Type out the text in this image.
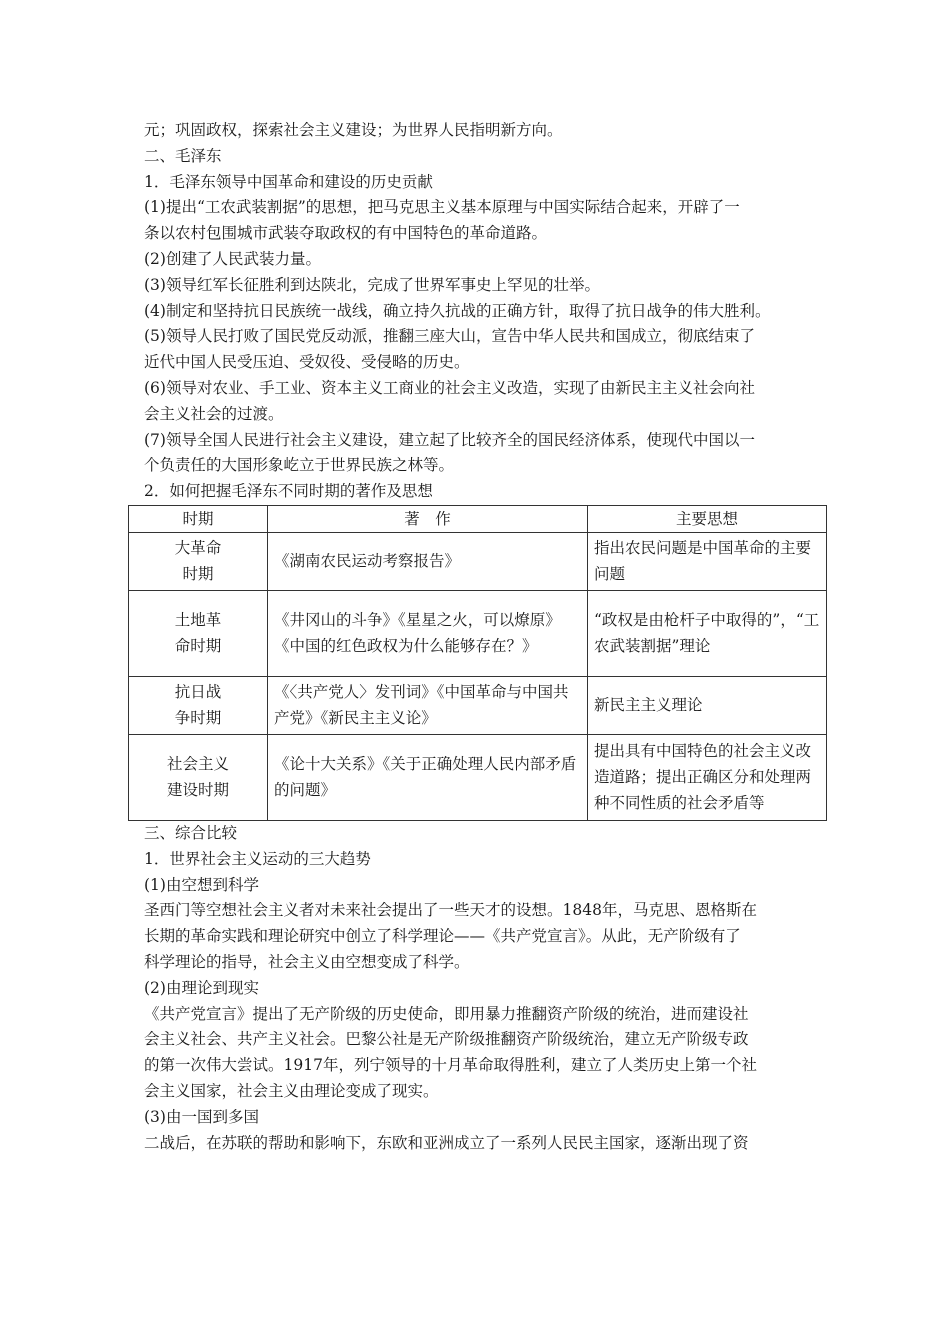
元；巩固政权，探索社会主义建设；为世界人民指明新方向。
二、毛泽东
1．毛泽东领导中国革命和建设的历史贡献
(1)提出“工农武装割据”的思想，把马克思主义基本原理与中国实际结合起来，开辟了一
条以农村包围城市武装夺取政权的有中国特色的革命道路。
(2)创建了人民武装力量。
(3)领导红军长征胜利到达陕北，完成了世界军事史上罕见的壮举。
(4)制定和坚持抗日民族统一战线，确立持久抗战的正确方针，取得了抗日战争的伟大胜利。
(5)领导人民打败了国民党反动派，推翻三座大山，宣告中华人民共和国成立，彻底结束了
近代中国人民受压迫、受奴役、受侵略的历史。
(6)领导对农业、手工业、资本主义工商业的社会主义改造，实现了由新民主主义社会向社
会主义社会的过渡。
(7)领导全国人民进行社会主义建设，建立起了比较齐全的国民经济体系，使现代中国以一
个负责任的大国形象屹立于世界民族之林等。
2．如何把握毛泽东不同时期的著作及思想
时期	著　作	主要思想
大革命
时期	《湖南农民运动考察报告》	指出农民问题是中国革命的主要问题
土地革
命时期	《井冈山的斗争》《星星之火，可以燎原》《中国的红色政权为什么能够存在？》	“政权是由枪杆子中取得的”，“工农武装割据”理论
抗日战
争时期	《〈共产党人〉发刊词》《中国革命与中国共产党》《新民主主义论》	新民主主义理论
社会主义
建设时期	《论十大关系》《关于正确处理人民内部矛盾的问题》	提出具有中国特色的社会主义改造道路；提出正确区分和处理两种不同性质的社会矛盾等
三、综合比较
1．世界社会主义运动的三大趋势
(1)由空想到科学
圣西门等空想社会主义者对未来社会提出了一些天才的设想。1848年，马克思、恩格斯在
长期的革命实践和理论研究中创立了科学理论——《共产党宣言》。从此，无产阶级有了
科学理论的指导，社会主义由空想变成了科学。
(2)由理论到现实
《共产党宣言》提出了无产阶级的历史使命，即用暴力推翻资产阶级的统治，进而建设社
会主义社会、共产主义社会。巴黎公社是无产阶级推翻资产阶级统治，建立无产阶级专政
的第一次伟大尝试。1917年，列宁领导的十月革命取得胜利，建立了人类历史上第一个社
会主义国家，社会主义由理论变成了现实。
(3)由一国到多国
二战后，在苏联的帮助和影响下，东欧和亚洲成立了一系列人民民主国家，逐渐出现了资
